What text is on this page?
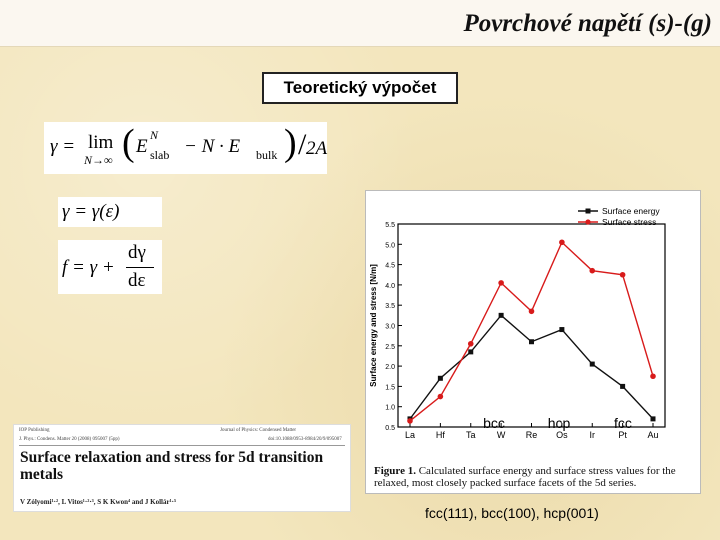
Povrchové napětí (s)-(g)
Teoretický výpočet
γ = lim
N→∞ ( E
N
slab − N · E bulk ) / 2A
γ = γ(ε)
f = γ +
dγ
dε
IOP Publishing	Journal of Physics: Condensed Matter
J. Phys.: Condens. Matter 20 (2008) 095007 (5pp)	doi:10.1088/0953-8984/20/9/095007
Surface relaxation and stress for 5d transition metals
V Zólyomi¹·², L Vitos¹·²·³, S K Kwon⁴ and J Kollár¹·⁵
0.5
1.0
1.5
2.0
2.5
3.0
3.5
4.0
4.5
5.0
5.5
La Hf Ta W Re Os Ir	Pt Au
Surface energy and stress [N/m]
Surface energy
Surface stress
bcc	hcp	fcc
Figure 1. Calculated surface energy and surface stress values for the relaxed, most closely packed surface facets of the 5d series.
fcc(111), bcc(100), hcp(001)
